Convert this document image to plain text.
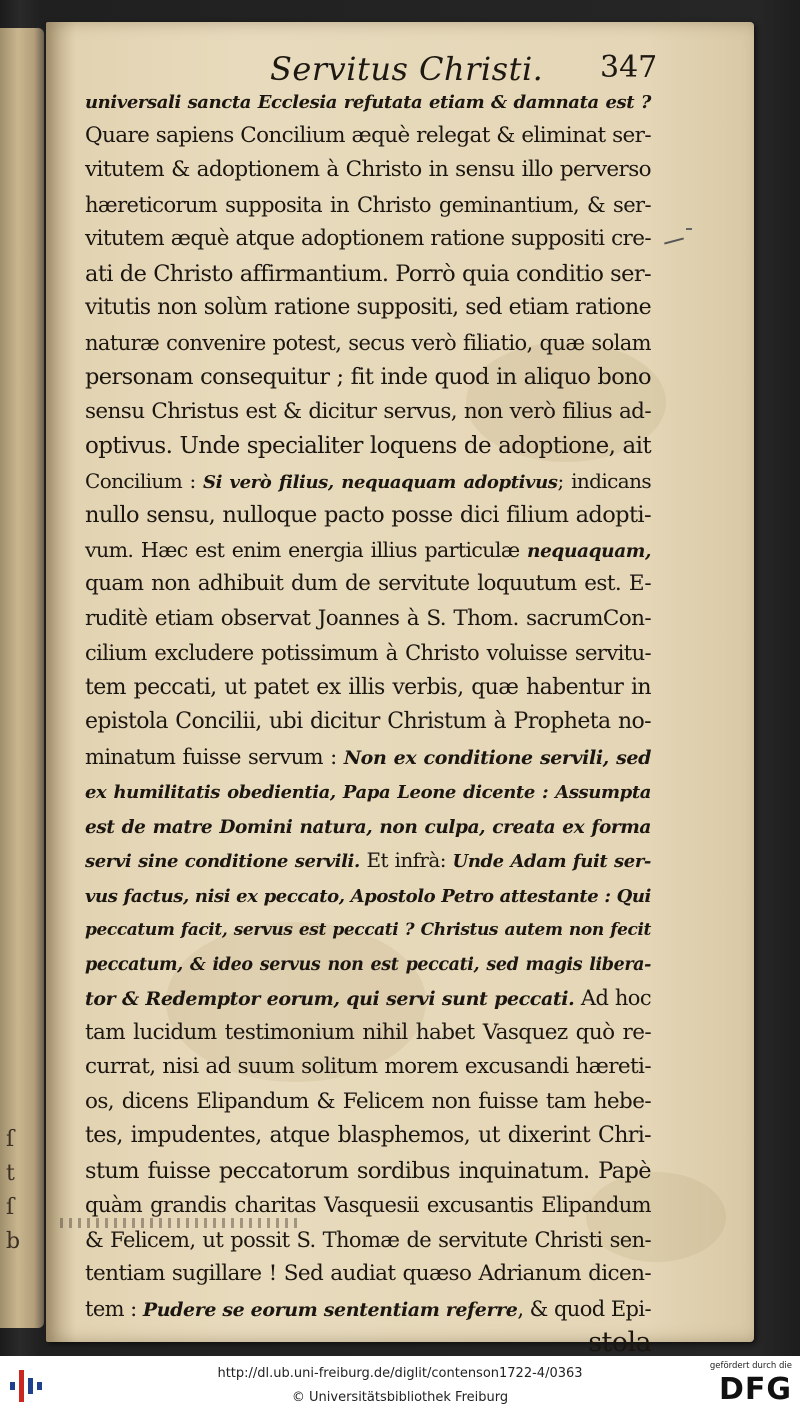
ſ
t
ſ
b
Servitus Christi. 347
universali sancta Ecclesia refutata etiam & damnata est ?
Quare sapiens Concilium æquè relegat & eliminat ser-
vitutem & adoptionem à Christo in sensu illo perverso
hæreticorum supposita in Christo geminantium, & ser-
vitutem æquè atque adoptionem ratione suppositi cre-
ati de Christo affirmantium. Porrò quia conditio ser-
vitutis non solùm ratione suppositi, sed etiam ratione
naturæ convenire potest, secus verò filiatio, quæ solam
personam consequitur ; fit inde quod in aliquo bono
sensu Christus est & dicitur servus, non verò filius ad-
optivus. Unde specialiter loquens de adoptione, ait
Concilium : Si verò filius, nequaquam adoptivus; indicans
nullo sensu, nulloque pacto posse dici filium adopti-
vum. Hæc est enim energia illius particulæ nequaquam,
quam non adhibuit dum de servitute loquutum est. E-
ruditè etiam observat Joannes à S. Thom. sacrumCon-
cilium excludere potissimum à Christo voluisse servitu-
tem peccati, ut patet ex illis verbis, quæ habentur in
epistola Concilii, ubi dicitur Christum à Propheta no-
minatum fuisse servum : Non ex conditione servili, sed
ex humilitatis obedientia, Papa Leone dicente : Assumpta
est de matre Domini natura, non culpa, creata ex forma
servi sine conditione servili. Et infrà: Unde Adam fuit ser-
vus factus, nisi ex peccato, Apostolo Petro attestante : Qui
peccatum facit, servus est peccati ? Christus autem non fecit
peccatum, & ideo servus non est peccati, sed magis libera-
tor & Redemptor eorum, qui servi sunt peccati. Ad hoc
tam lucidum testimonium nihil habet Vasquez quò re-
currat, nisi ad suum solitum morem excusandi hæreti-
os, dicens Elipandum & Felicem non fuisse tam hebe-
tes, impudentes, atque blasphemos, ut dixerint Chri-
stum fuisse peccatorum sordibus inquinatum. Papè
quàm grandis charitas Vasquesii excusantis Elipandum
& Felicem, ut possit S. Thomæ de servitute Christi sen-
tentiam sugillare ! Sed audiat quæso Adrianum dicen-
tem : Pudere se eorum sententiam referre, & quod Epi-
stola
http://dl.ub.uni-freiburg.de/diglit/contenson1722-4/0363
© Universitätsbibliothek Freiburg
gefördert durch die
DFG
